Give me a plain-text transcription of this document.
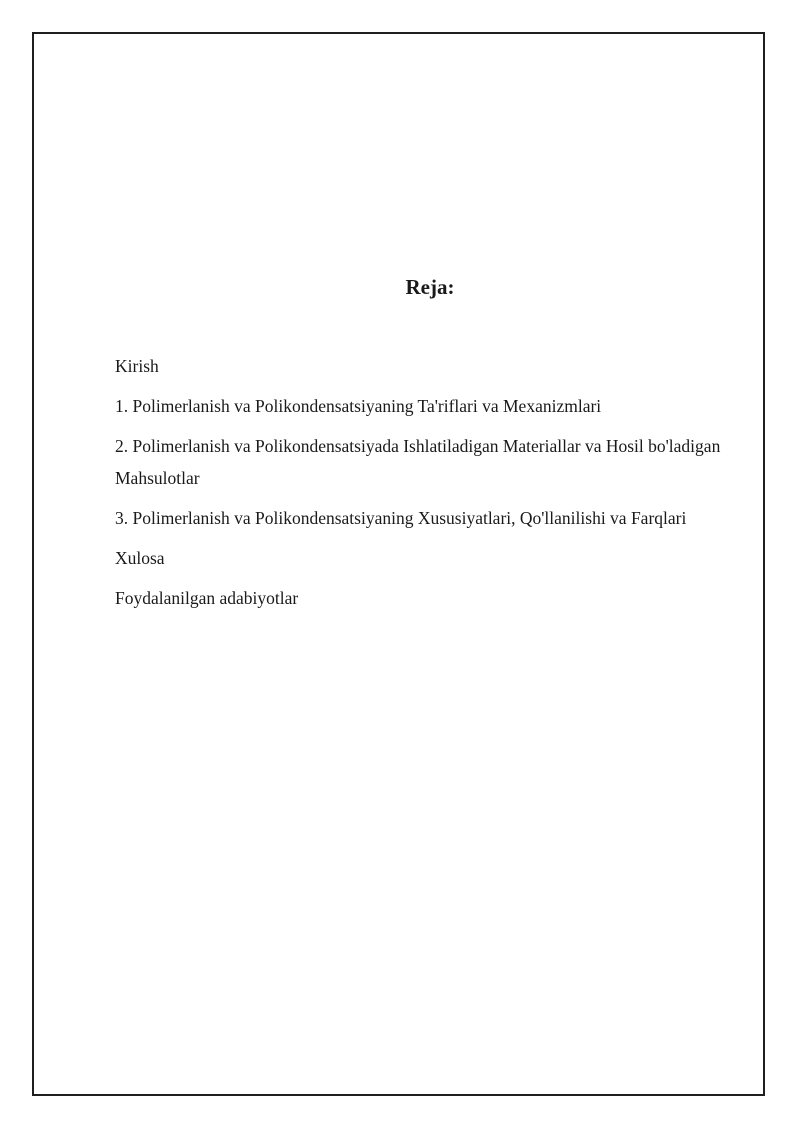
Reja:
Kirish
1. Polimerlanish va Polikondensatsiyaning Ta'riflari va Mexanizmlari
2. Polimerlanish va Polikondensatsiyada Ishlatiladigan Materiallar va Hosil bo'ladigan Mahsulotlar
3. Polimerlanish va Polikondensatsiyaning Xususiyatlari, Qo'llanilishi va Farqlari
Xulosa
Foydalanilgan adabiyotlar
